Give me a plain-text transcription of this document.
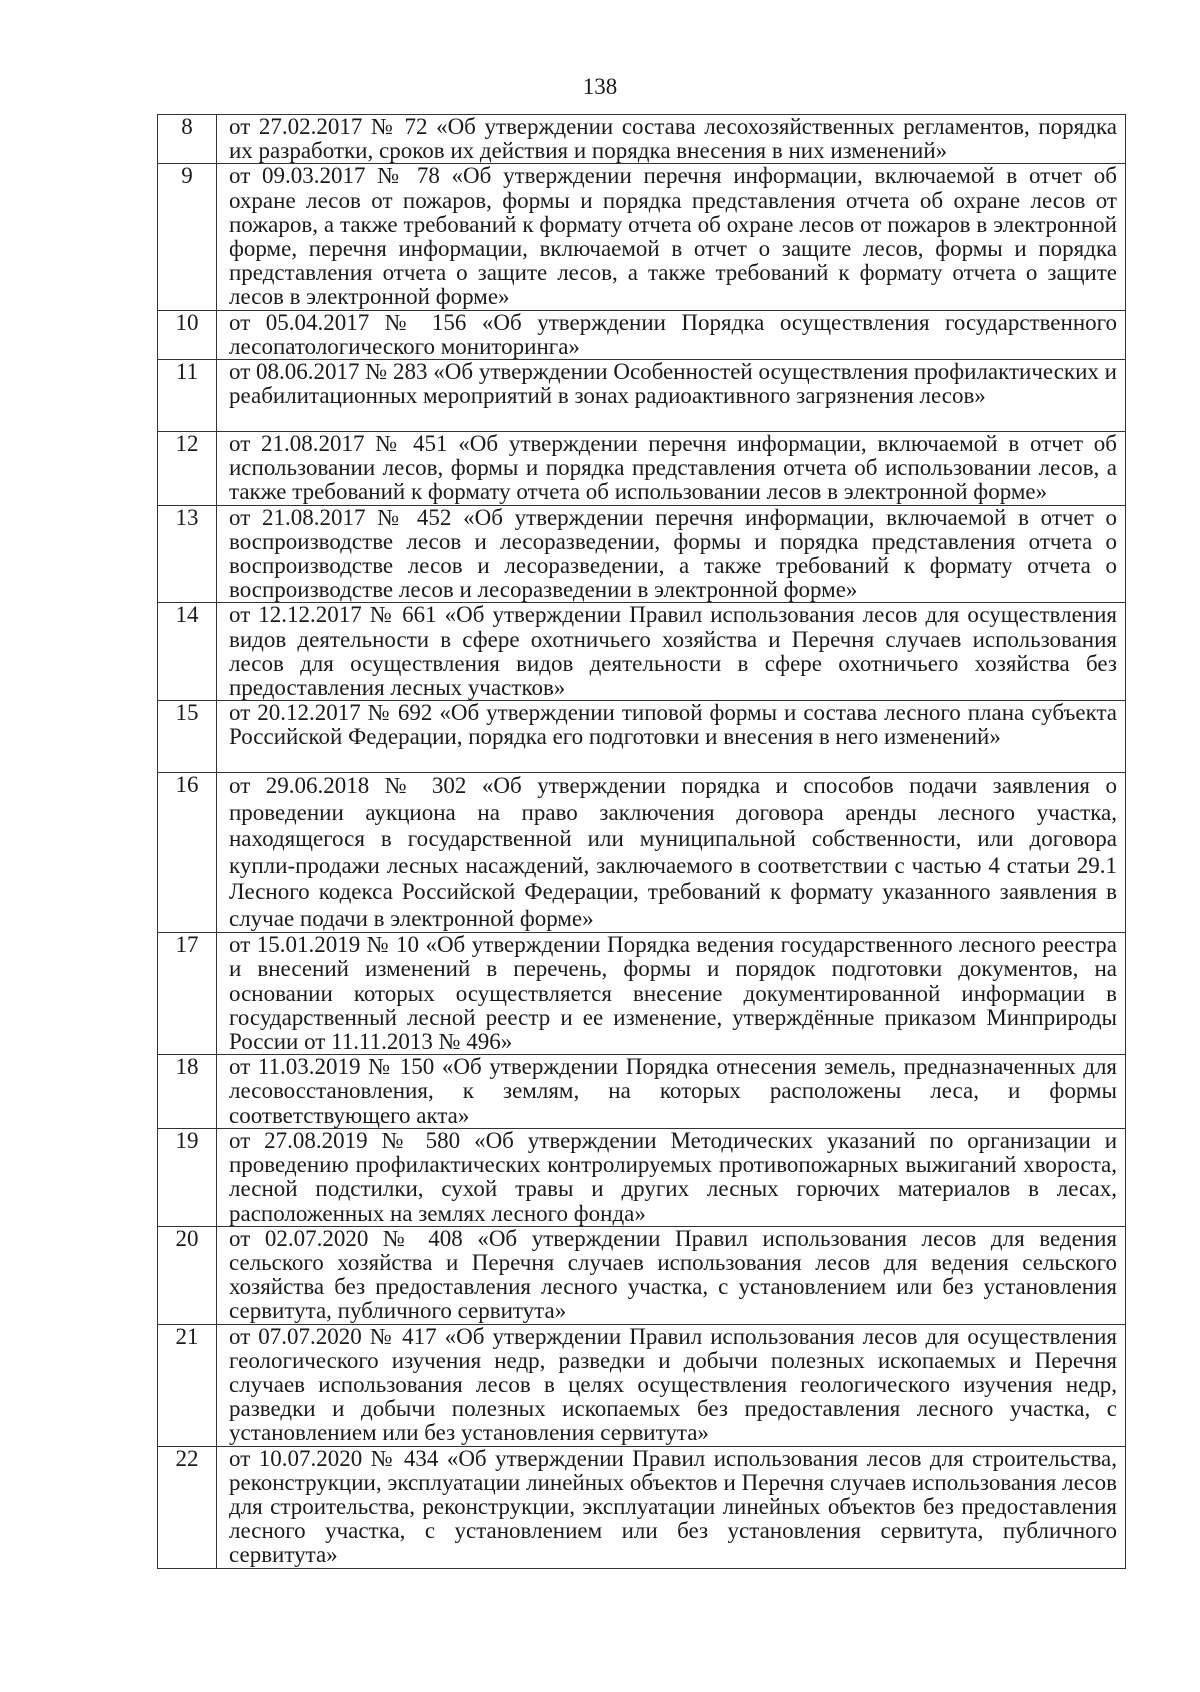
138
8	от 27.02.2017 № 72 «Об утверждении состава лесохозяйственных регламентов, порядка их разработки, сроков их действия и порядка внесения в них изменений»
9	от 09.03.2017 № 78 «Об утверждении перечня информации, включаемой в отчет об охране лесов от пожаров, формы и порядка представления отчета об охране лесов от пожаров, а также требований к формату отчета об охране лесов от пожаров в электронной форме, перечня информации, включаемой в отчет о защите лесов, формы и порядка представления отчета о защите лесов, а также требований к формату отчета о защите лесов в электронной форме»
10	от 05.04.2017 № 156 «Об утверждении Порядка осуществления государственного лесопатологического мониторинга»
11	от 08.06.2017 № 283 «Об утверждении Особенностей осуществления профилактических и реабилитационных мероприятий в зонах радиоактивного загрязнения лесов»
12	от 21.08.2017 № 451 «Об утверждении перечня информации, включаемой в отчет об использовании лесов, формы и порядка представления отчета об использовании лесов, а также требований к формату отчета об использовании лесов в электронной форме»
13	от 21.08.2017 № 452 «Об утверждении перечня информации, включаемой в отчет о воспроизводстве лесов и лесоразведении, формы и порядка представления отчета о воспроизводстве лесов и лесоразведении, а также требований к формату отчета о воспроизводстве лесов и лесоразведении в электронной форме»
14	от 12.12.2017 № 661 «Об утверждении Правил использования лесов для осуществления видов деятельности в сфере охотничьего хозяйства и Перечня случаев использования лесов для осуществления видов деятельности в сфере охотничьего хозяйства без предоставления лесных участков»
15	от 20.12.2017 № 692 «Об утверждении типовой формы и состава лесного плана субъекта Российской Федерации, порядка его подготовки и внесения в него изменений»
16	от 29.06.2018 № 302 «Об утверждении порядка и способов подачи заявления о проведении аукциона на право заключения договора аренды лесного участка, находящегося в государственной или муниципальной собственности, или договора купли-продажи лесных насаждений, заключаемого в соответствии с частью 4 статьи 29.1 Лесного кодекса Российской Федерации, требований к формату указанного заявления в случае подачи в электронной форме»
17	от 15.01.2019 № 10 «Об утверждении Порядка ведения государственного лесного реестра и внесений изменений в перечень, формы и порядок подготовки документов, на основании которых осуществляется внесение документированной информации в государственный лесной реестр и ее изменение, утверждённые приказом Минприроды России от 11.11.2013 № 496»
18	от 11.03.2019 № 150 «Об утверждении Порядка отнесения земель, предназначенных для лесовосстановления, к землям, на которых расположены леса, и формы соответствующего акта»
19	от 27.08.2019 № 580 «Об утверждении Методических указаний по организации и проведению профилактических контролируемых противопожарных выжиганий хвороста, лесной подстилки, сухой травы и других лесных горючих материалов в лесах, расположенных на землях лесного фонда»
20	от 02.07.2020 № 408 «Об утверждении Правил использования лесов для ведения сельского хозяйства и Перечня случаев использования лесов для ведения сельского хозяйства без предоставления лесного участка, с установлением или без установления сервитута, публичного сервитута»
21	от 07.07.2020 № 417 «Об утверждении Правил использования лесов для осуществления геологического изучения недр, разведки и добычи полезных ископаемых и Перечня случаев использования лесов в целях осуществления геологического изучения недр, разведки и добычи полезных ископаемых без предоставления лесного участка, с установлением или без установления сервитута»
22	от 10.07.2020 № 434 «Об утверждении Правил использования лесов для строительства, реконструкции, эксплуатации линейных объектов и Перечня случаев использования лесов для строительства, реконструкции, эксплуатации линейных объектов без предоставления лесного участка, с установлением или без установления сервитута, публичного сервитута»
